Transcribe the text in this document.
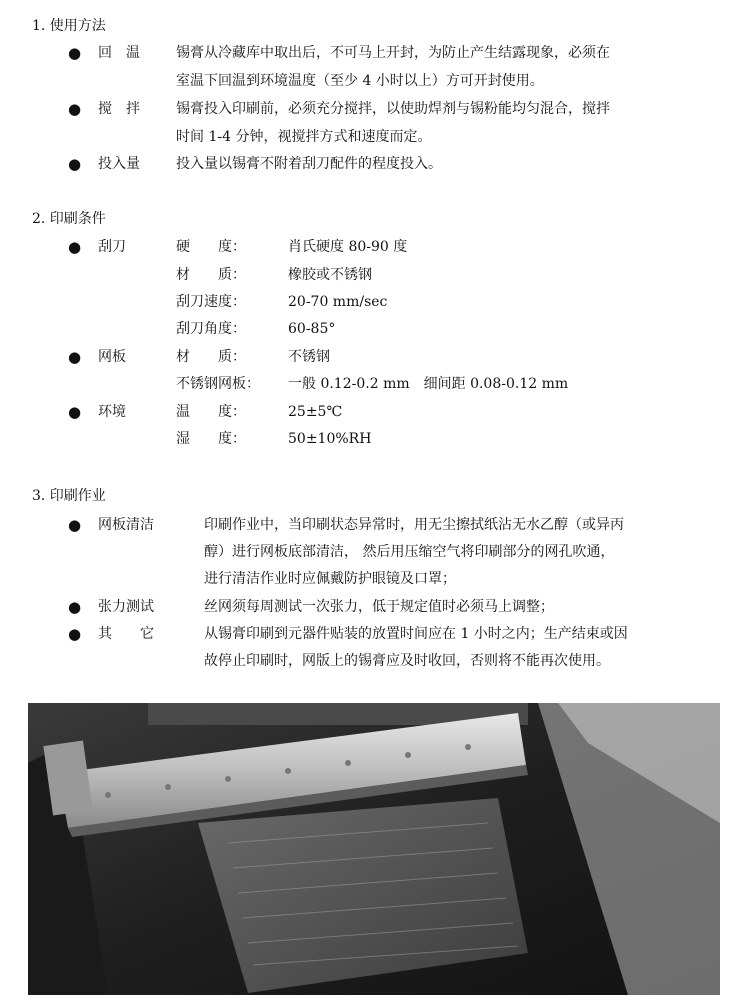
1. 使用方法
● 回　温	锡膏从冷藏库中取出后，不可马上开封，为防止产生结露现象，必须在
室温下回温到环境温度（至少 4 小时以上）方可开封使用。
● 搅　拌	锡膏投入印刷前，必须充分搅拌，以使助焊剂与锡粉能均匀混合，搅拌
时间 1-4 分钟，视搅拌方式和速度而定。
● 投入量	投入量以锡膏不附着刮刀配件的程度投入。
2. 印刷条件
● 刮刀	硬　　度：	肖氏硬度 80-90 度
材　　质：	橡胶或不锈钢
刮刀速度：	20-70 mm/sec
刮刀角度：	60-85°
● 网板	材　　质：	不锈钢
不锈钢网板： 一般 0.12-0.2 mm　细间距 0.08-0.12 mm
● 环境	温　　度：	25±5℃
湿　　度：	50±10%RH
3. 印刷作业
● 网板清洁	印刷作业中，当印刷状态异常时，用无尘擦拭纸沾无水乙醇（或异丙
醇）进行网板底部清洁， 然后用压缩空气将印刷部分的网孔吹通，
进行清洁作业时应佩戴防护眼镜及口罩；
● 张力测试	丝网须每周测试一次张力，低于规定值时必须马上调整；
● 其　　它	从锡膏印刷到元器件贴装的放置时间应在 1 小时之内；生产结束或因
故停止印刷时，网版上的锡膏应及时收回，否则将不能再次使用。
